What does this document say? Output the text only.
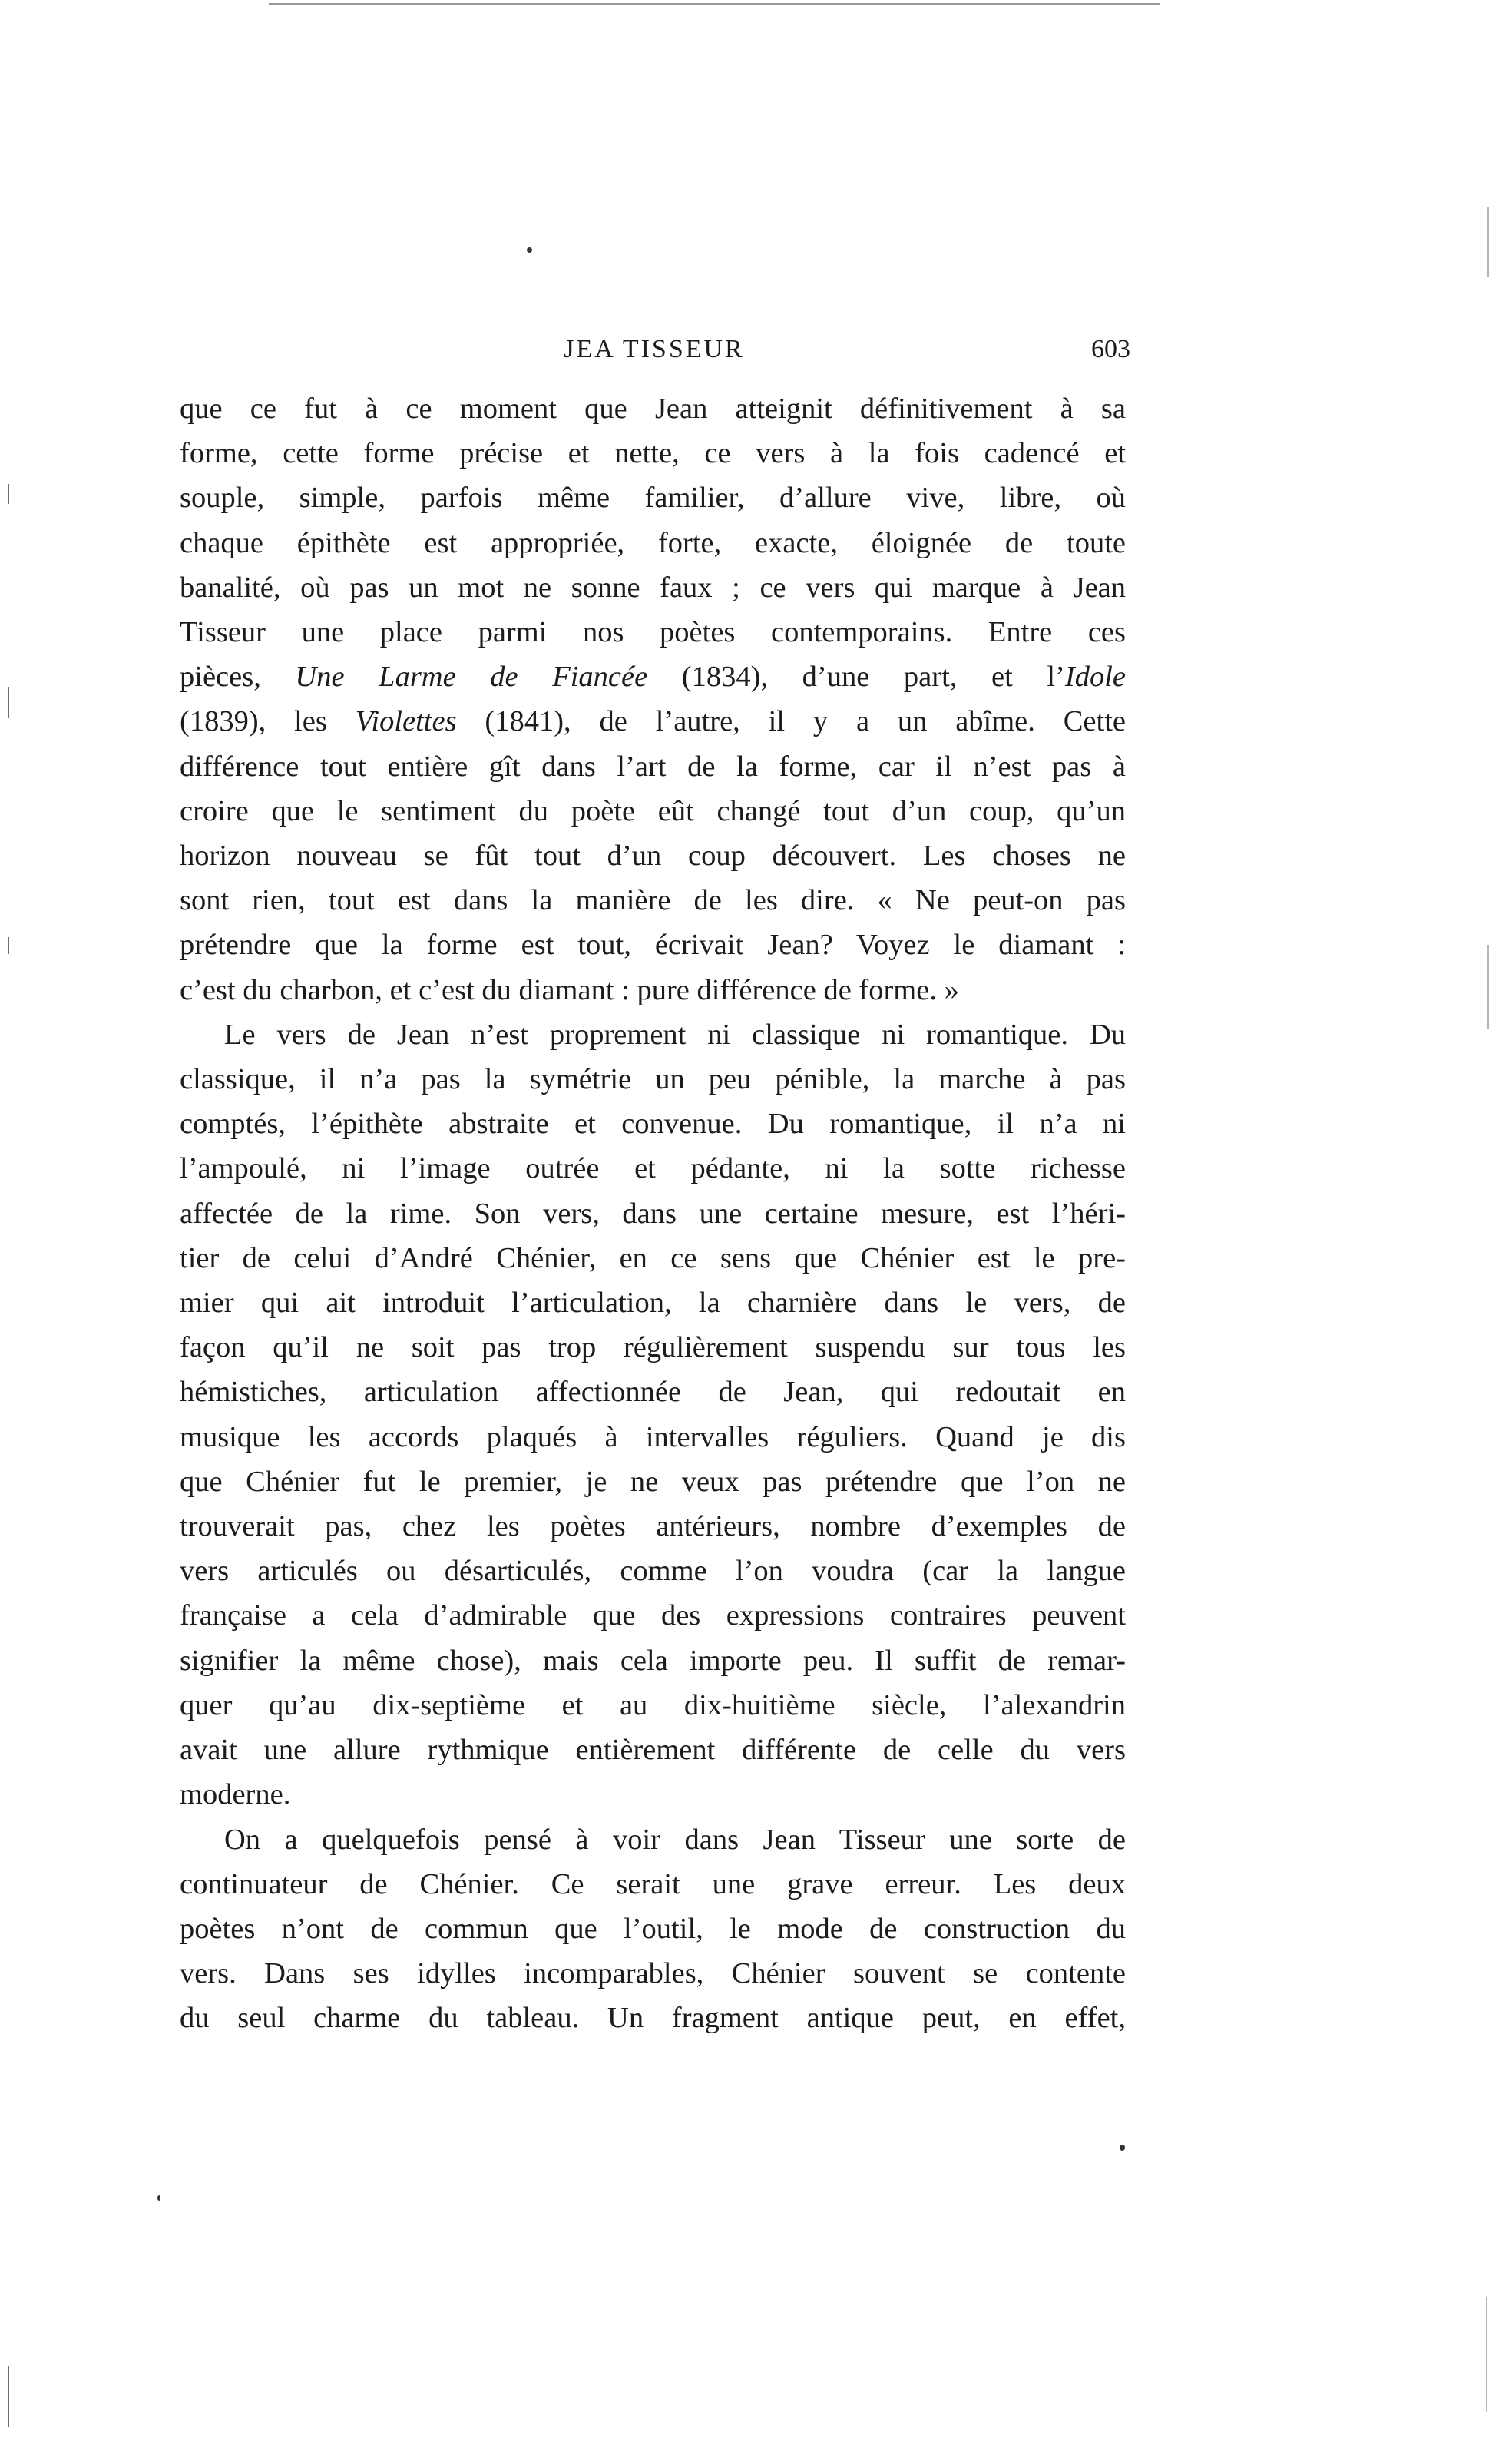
JEA TISSEUR	603
que ce fut à ce moment que Jean atteignit définitivement à sa
forme, cette forme précise et nette, ce vers à la fois cadencé et
souple, simple, parfois même familier, d’allure vive, libre, où
chaque épithète est appropriée, forte, exacte, éloignée de toute
banalité, où pas un mot ne sonne faux ; ce vers qui marque à Jean
Tisseur une place parmi nos poètes contemporains. Entre ces
pièces, Une Larme de Fiancée (1834), d’une part, et l’Idole
(1839), les Violettes (1841), de l’autre, il y a un abîme. Cette
différence tout entière gît dans l’art de la forme, car il n’est pas à
croire que le sentiment du poète eût changé tout d’un coup, qu’un
horizon nouveau se fût tout d’un coup découvert. Les choses ne
sont rien, tout est dans la manière de les dire. « Ne peut-on pas
prétendre que la forme est tout, écrivait Jean? Voyez le diamant :
c’est du charbon, et c’est du diamant : pure différence de forme. »
Le vers de Jean n’est proprement ni classique ni romantique. Du
classique, il n’a pas la symétrie un peu pénible, la marche à pas
comptés, l’épithète abstraite et convenue. Du romantique, il n’a ni
l’ampoulé, ni l’image outrée et pédante, ni la sotte richesse
affectée de la rime. Son vers, dans une certaine mesure, est l’héri-
tier de celui d’André Chénier, en ce sens que Chénier est le pre-
mier qui ait introduit l’articulation, la charnière dans le vers, de
façon qu’il ne soit pas trop régulièrement suspendu sur tous les
hémistiches, articulation affectionnée de Jean, qui redoutait en
musique les accords plaqués à intervalles réguliers. Quand je dis
que Chénier fut le premier, je ne veux pas prétendre que l’on ne
trouverait pas, chez les poètes antérieurs, nombre d’exemples de
vers articulés ou désarticulés, comme l’on voudra (car la langue
française a cela d’admirable que des expressions contraires peuvent
signifier la même chose), mais cela importe peu. Il suffit de remar-
quer qu’au dix-septième et au dix-huitième siècle, l’alexandrin
avait une allure rythmique entièrement différente de celle du vers
moderne.
On a quelquefois pensé à voir dans Jean Tisseur une sorte de
continuateur de Chénier. Ce serait une grave erreur. Les deux
poètes n’ont de commun que l’outil, le mode de construction du
vers. Dans ses idylles incomparables, Chénier souvent se contente
du seul charme du tableau. Un fragment antique peut, en effet,
